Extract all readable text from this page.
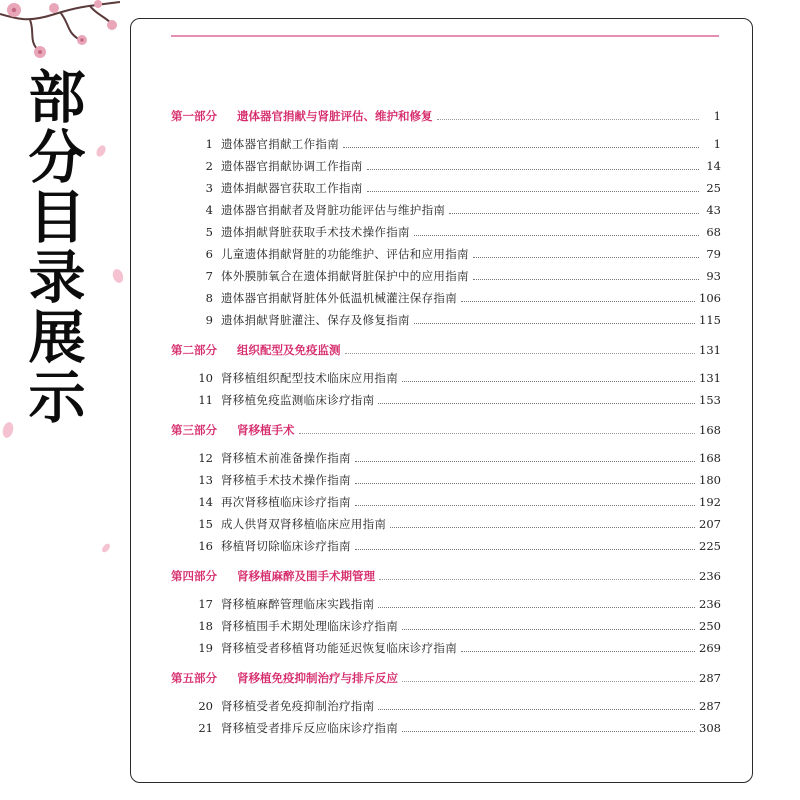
部
分
目
录
展
示
第一部分	遗体器官捐献与肾脏评估、维护和修复	1
1 遗体器官捐献工作指南	1
2 遗体器官捐献协调工作指南	14
3 遗体捐献器官获取工作指南	25
4 遗体器官捐献者及肾脏功能评估与维护指南	43
5 遗体捐献肾脏获取手术技术操作指南	68
6 儿童遗体捐献肾脏的功能维护、评估和应用指南	79
7 体外膜肺氧合在遗体捐献肾脏保护中的应用指南	93
8 遗体器官捐献肾脏体外低温机械灌注保存指南	106
9 遗体捐献肾脏灌注、保存及修复指南	115
第二部分	组织配型及免疫监测	131
10 肾移植组织配型技术临床应用指南	131
11 肾移植免疫监测临床诊疗指南	153
第三部分	肾移植手术	168
12 肾移植术前准备操作指南	168
13 肾移植手术技术操作指南	180
14 再次肾移植临床诊疗指南	192
15 成人供肾双肾移植临床应用指南	207
16 移植肾切除临床诊疗指南	225
第四部分	肾移植麻醉及围手术期管理	236
17 肾移植麻醉管理临床实践指南	236
18 肾移植围手术期处理临床诊疗指南	250
19 肾移植受者移植肾功能延迟恢复临床诊疗指南	269
第五部分	肾移植免疫抑制治疗与排斥反应	287
20 肾移植受者免疫抑制治疗指南	287
21 肾移植受者排斥反应临床诊疗指南	308
